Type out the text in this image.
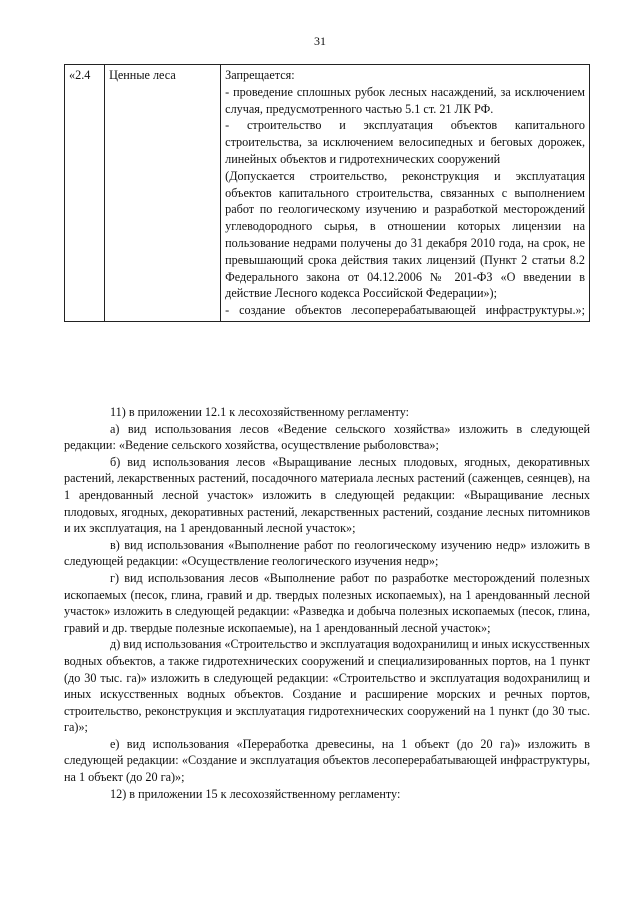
31
«2.4	Ценные леса	Запрещается:
- проведение сплошных рубок лесных насаждений, за исключением случая, предусмотренного частью 5.1 ст. 21 ЛК РФ.
- строительство и эксплуатация объектов капитального строительства, за исключением велосипедных и беговых дорожек, линейных объектов и гидротехнических сооружений
(Допускается строительство, реконструкция и эксплуатация объектов капитального строительства, связанных с выполнением работ по геологическому изучению и разработкой месторождений углеводородного сырья, в отношении которых лицензии на пользование недрами получены до 31 декабря 2010 года, на срок, не превышающий срока действия таких лицензий (Пункт 2 статьи 8.2 Федерального закона от 04.12.2006 № 201-ФЗ «О введении в действие Лесного кодекса Российской Федерации»);
- создание объектов лесоперерабатывающей инфраструктуры.»;

11) в приложении 12.1 к лесохозяйственному регламенту:

а) вид использования лесов «Ведение сельского хозяйства» изложить в следующей редакции: «Ведение сельского хозяйства, осуществление рыболовства»;

б) вид использования лесов «Выращивание лесных плодовых, ягодных, декоративных растений, лекарственных растений, посадочного материала лесных растений (саженцев, сеянцев), на 1 арендованный лесной участок» изложить в следующей редакции: «Выращивание лесных плодовых, ягодных, декоративных растений, лекарственных растений, создание лесных питомников и их эксплуатация, на 1 арендованный лесной участок»;

в) вид использования «Выполнение работ по геологическому изучению недр» изложить в следующей редакции: «Осуществление геологического изучения недр»;

г) вид использования лесов «Выполнение работ по разработке месторождений полезных ископаемых (песок, глина, гравий и др. твердых полезных ископаемых), на 1 арендованный лесной участок» изложить в следующей редакции: «Разведка и добыча полезных ископаемых (песок, глина, гравий и др. твердые полезные ископаемые), на 1 арендованный лесной участок»;

д) вид использования «Строительство и эксплуатация водохранилищ и иных искусственных водных объектов, а также гидротехнических сооружений и специализированных портов, на 1 пункт (до 30 тыс. га)» изложить в следующей редакции: «Строительство и эксплуатация водохранилищ и иных искусственных водных объектов. Создание и расширение морских и речных портов, строительство, реконструкция и эксплуатация гидротехнических сооружений на 1 пункт (до 30 тыс. га)»;

е) вид использования «Переработка древесины, на 1 объект (до 20 га)» изложить в следующей редакции: «Создание и эксплуатация объектов лесоперерабатывающей инфраструктуры, на 1 объект (до 20 га)»;

12) в приложении 15 к лесохозяйственному регламенту:
